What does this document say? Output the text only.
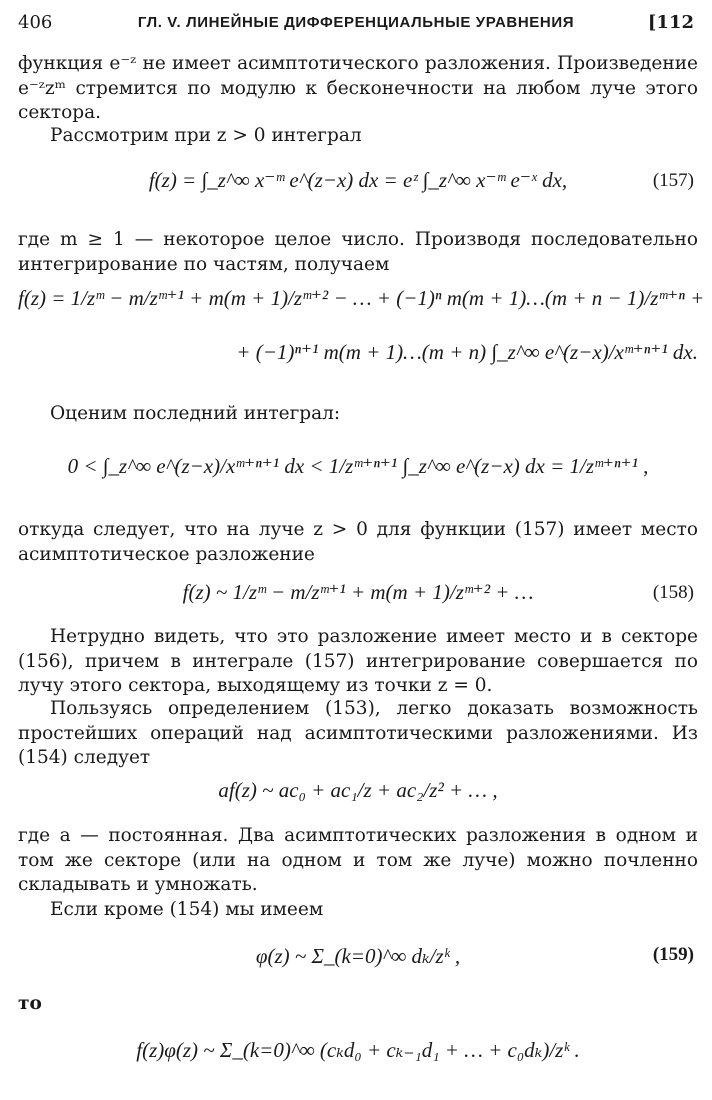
406	ГЛ. V. ЛИНЕЙНЫЕ ДИФФЕРЕНЦИАЛЬНЫЕ УРАВНЕНИЯ	[112

функция e⁻ᶻ не имеет асимптотического разложения. Произведение e⁻ᶻzᵐ стремится по модулю к бесконечности на любом луче этого сектора.

Рассмотрим при z > 0 интеграл

f(z) = ∫_z^∞ x⁻ᵐ e^(z−x) dx = eᶻ ∫_z^∞ x⁻ᵐ e⁻ˣ dx,	(157)

где m ≥ 1 — некоторое целое число. Производя последовательно интегрирование по частям, получаем

f(z) = 1/zᵐ − m/zᵐ⁺¹ + m(m + 1)/zᵐ⁺² − … + (−1)ⁿ m(m + 1)…(m + n − 1)/zᵐ⁺ⁿ +
+ (−1)ⁿ⁺¹ m(m + 1)…(m + n) ∫_z^∞ e^(z−x)/xᵐ⁺ⁿ⁺¹ dx.

Оценим последний интеграл:

0 < ∫_z^∞ e^(z−x)/xᵐ⁺ⁿ⁺¹ dx < 1/zᵐ⁺ⁿ⁺¹ ∫_z^∞ e^(z−x) dx = 1/zᵐ⁺ⁿ⁺¹ ,

откуда следует, что на луче z > 0 для функции (157) имеет место асимптотическое разложение

f(z) ~ 1/zᵐ − m/zᵐ⁺¹ + m(m + 1)/zᵐ⁺² + …	(158)

Нетрудно видеть, что это разложение имеет место и в секторе (156), причем в интеграле (157) интегрирование совершается по лучу этого сектора, выходящему из точки z = 0.

Пользуясь определением (153), легко доказать возможность простейших операций над асимптотическими разложениями. Из (154) следует

af(z) ~ ac₀ + ac₁/z + ac₂/z² + … ,

где a — постоянная. Два асимптотических разложения в одном и том же секторе (или на одном и том же луче) можно почленно складывать и умножать.

Если кроме (154) мы имеем

φ(z) ~ Σ_(k=0)^∞ dₖ/zᵏ ,	(159)

то

f(z)φ(z) ~ Σ_(k=0)^∞ (cₖd₀ + cₖ₋₁d₁ + … + c₀dₖ)/zᵏ .
